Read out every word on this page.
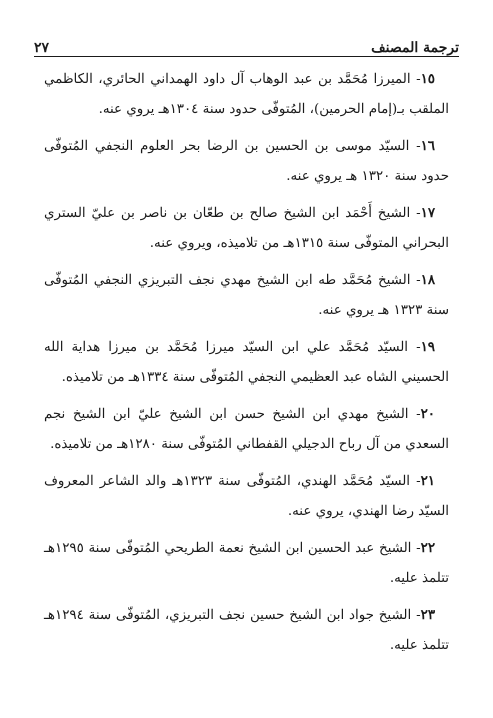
ترجمة المصنف
٢٧

١٥- الميرزا مُحَمَّد بن عبد الوهاب آل داود الهمداني الحائري، الكاظمي الملقب بـ(إمام الحرمين)، المُتوفّى حدود سنة ١٣٠٤هـ يروي عنه.

١٦- السيّد موسى بن الحسين بن الرضا بحر العلوم النجفي المُتوفّى حدود سنة ١٣٢٠ هـ يروي عنه.

١٧- الشيخ أَحْمَد ابن الشيخ صالح بن طعّان بن ناصر بن عليّ الستري البحراني المتوفّى سنة ١٣١٥هـ من تلاميذه، ويروي عنه.

١٨- الشيخ مُحَمَّد طه ابن الشيخ مهدي نجف التبريزي النجفي المُتوفّى سنة ١٣٢٣ هـ يروي عنه.

١٩- السيّد مُحَمَّد علي ابن السيّد ميرزا مُحَمَّد بن ميرزا هداية الله الحسيني الشاه عبد العظيمي النجفي المُتوفّى سنة ١٣٣٤هـ من تلاميذه.

٢٠- الشيخ مهدي ابن الشيخ حسن ابن الشيخ عليّ ابن الشيخ نجم السعدي من آل رباح الدجيلي القفطاني المُتوفّى سنة ١٢٨٠هـ من تلاميذه.

٢١- السيّد مُحَمَّد الهندي، المُتوفّى سنة ١٣٢٣هـ والد الشاعر المعروف السيّد رضا الهندي، يروي عنه.

٢٢- الشيخ عبد الحسين ابن الشيخ نعمة الطريحي المُتوفّى سنة ١٢٩٥هـ تتلمذ عليه.

٢٣- الشيخ جواد ابن الشيخ حسين نجف التبريزي، المُتوفّى سنة ١٢٩٤هـ تتلمذ عليه.
